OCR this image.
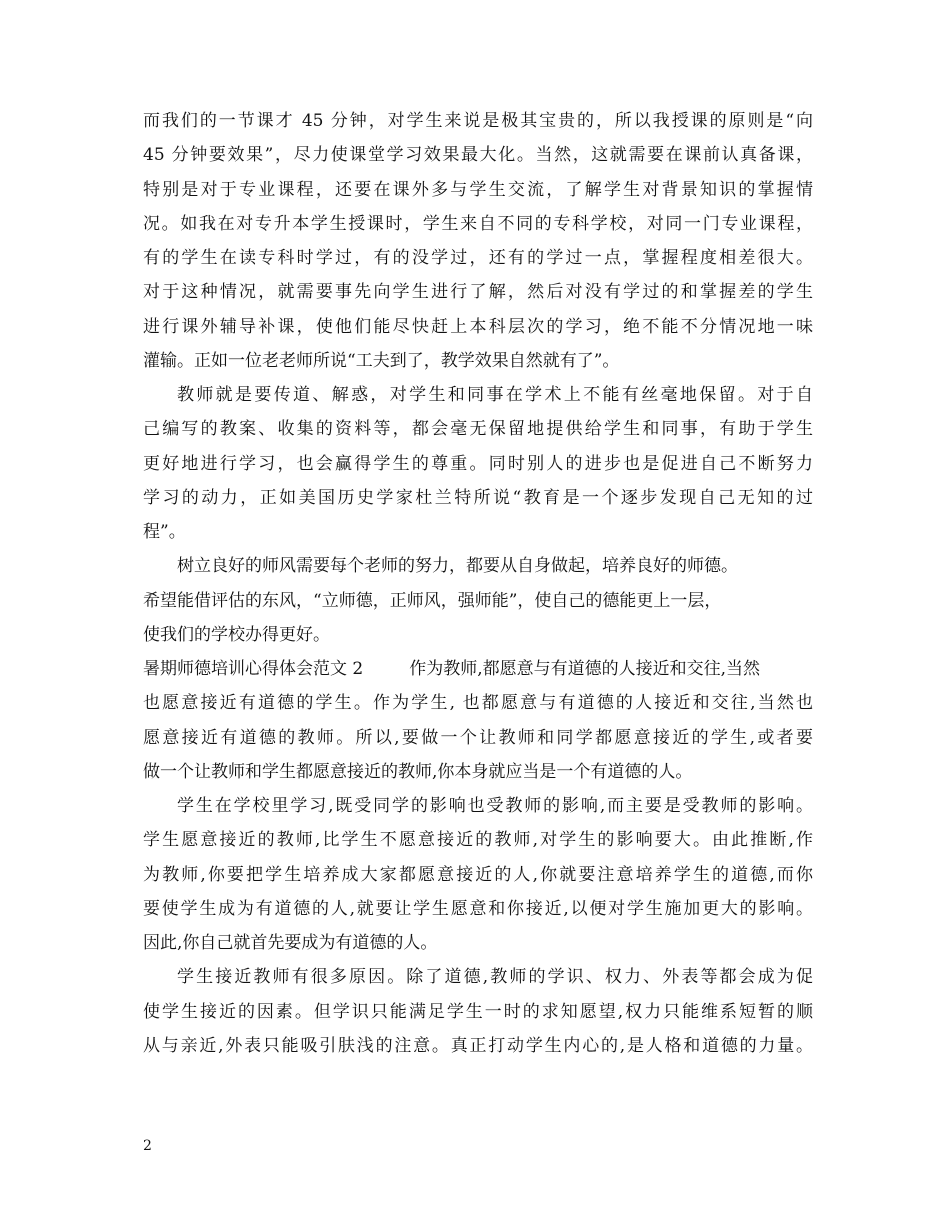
而我们的一节课才 45 分钟，对学生来说是极其宝贵的，所以我授课的原则是“向
45 分钟要效果”，尽力使课堂学习效果最大化。当然，这就需要在课前认真备课，
特别是对于专业课程，还要在课外多与学生交流，了解学生对背景知识的掌握情
况。如我在对专升本学生授课时，学生来自不同的专科学校，对同一门专业课程，
有的学生在读专科时学过，有的没学过，还有的学过一点，掌握程度相差很大。
对于这种情况，就需要事先向学生进行了解，然后对没有学过的和掌握差的学生
进行课外辅导补课，使他们能尽快赶上本科层次的学习，绝不能不分情况地一味
灌输。正如一位老老师所说“工夫到了，教学效果自然就有了”。
教师就是要传道、解惑，对学生和同事在学术上不能有丝毫地保留。对于自
己编写的教案、收集的资料等，都会毫无保留地提供给学生和同事，有助于学生
更好地进行学习，也会赢得学生的尊重。同时别人的进步也是促进自己不断努力
学习的动力，正如美国历史学家杜兰特所说“教育是一个逐步发现自己无知的过
程”。
树立良好的师风需要每个老师的努力，都要从自身做起，培养良好的师德。
希望能借评估的东风，“立师德，正师风，强师能”，使自己的德能更上一层，
使我们的学校办得更好。
暑期师德培训心得体会范文 2	作为教师,都愿意与有道德的人接近和交往,当然
也愿意接近有道德的学生。作为学生, 也都愿意与有道德的人接近和交往,当然也
愿意接近有道德的教师。所以,要做一个让教师和同学都愿意接近的学生,或者要
做一个让教师和学生都愿意接近的教师,你本身就应当是一个有道德的人。
学生在学校里学习,既受同学的影响也受教师的影响,而主要是受教师的影响。
学生愿意接近的教师,比学生不愿意接近的教师,对学生的影响要大。由此推断,作
为教师,你要把学生培养成大家都愿意接近的人,你就要注意培养学生的道德,而你
要使学生成为有道德的人,就要让学生愿意和你接近,以便对学生施加更大的影响。
因此,你自己就首先要成为有道德的人。
学生接近教师有很多原因。除了道德,教师的学识、权力、外表等都会成为促
使学生接近的因素。但学识只能满足学生一时的求知愿望,权力只能维系短暂的顺
从与亲近,外表只能吸引肤浅的注意。真正打动学生内心的,是人格和道德的力量。
2
